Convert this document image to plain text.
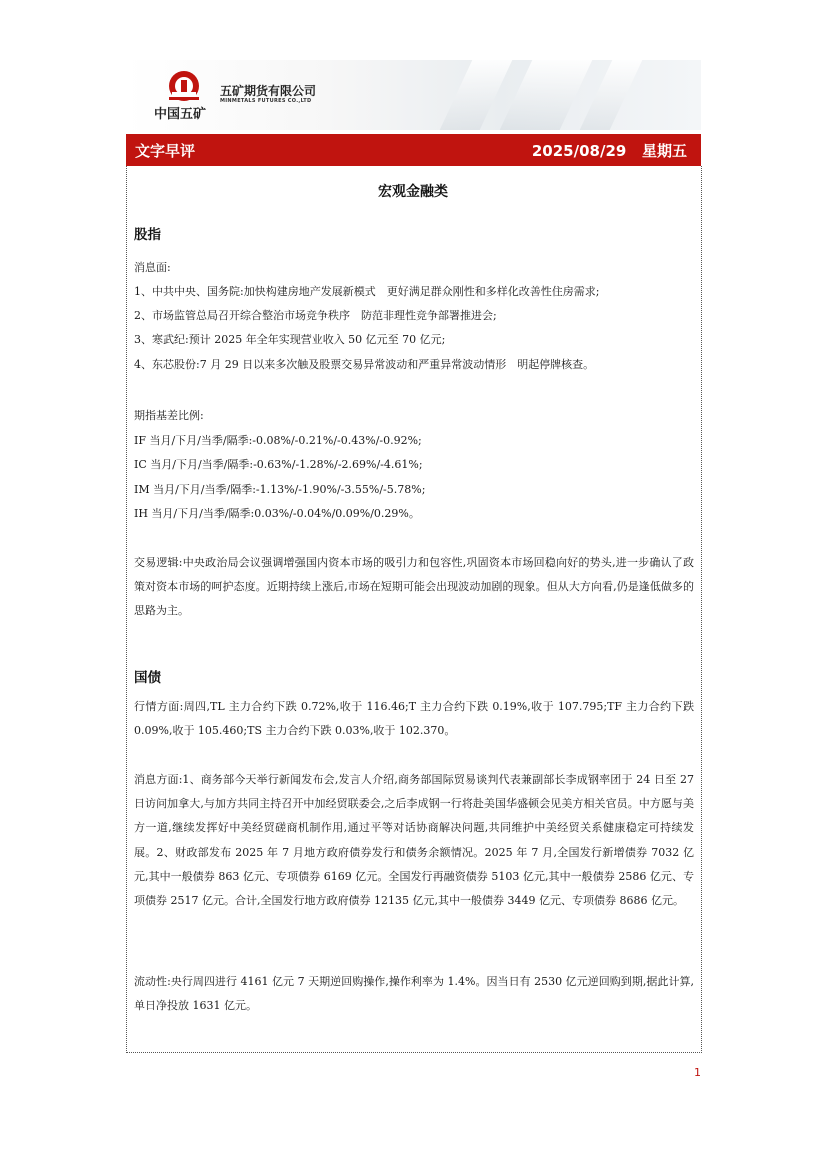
中国五矿
五矿期货有限公司
MINMETALS FUTURES CO.,LTD
文字早评	2025/08/29 星期五
宏观金融类
股指
消息面:
1、中共中央、国务院:加快构建房地产发展新模式　更好满足群众刚性和多样化改善性住房需求;
2、市场监管总局召开综合整治市场竞争秩序　防范非理性竞争部署推进会;
3、寒武纪:预计 2025 年全年实现营业收入 50 亿元至 70 亿元;
4、东芯股份:7 月 29 日以来多次触及股票交易异常波动和严重异常波动情形　明起停牌核查。
期指基差比例:
IF 当月/下月/当季/隔季:-0.08%/-0.21%/-0.43%/-0.92%;
IC 当月/下月/当季/隔季:-0.63%/-1.28%/-2.69%/-4.61%;
IM 当月/下月/当季/隔季:-1.13%/-1.90%/-3.55%/-5.78%;
IH 当月/下月/当季/隔季:0.03%/-0.04%/0.09%/0.29%。
交易逻辑:中央政治局会议强调增强国内资本市场的吸引力和包容性,巩固资本市场回稳向好的势头,进一步确认了政策对资本市场的呵护态度。近期持续上涨后,市场在短期可能会出现波动加剧的现象。但从大方向看,仍是逢低做多的思路为主。
国债
行情方面:周四,TL 主力合约下跌 0.72%,收于 116.46;T 主力合约下跌 0.19%,收于 107.795;TF 主力合约下跌 0.09%,收于 105.460;TS 主力合约下跌 0.03%,收于 102.370。
消息方面:1、商务部今天举行新闻发布会,发言人介绍,商务部国际贸易谈判代表兼副部长李成钢率团于 24 日至 27 日访问加拿大,与加方共同主持召开中加经贸联委会,之后李成钢一行将赴美国华盛顿会见美方相关官员。中方愿与美方一道,继续发挥好中美经贸磋商机制作用,通过平等对话协商解决问题,共同维护中美经贸关系健康稳定可持续发展。2、财政部发布 2025 年 7 月地方政府债券发行和债务余额情况。2025 年 7 月,全国发行新增债券 7032 亿元,其中一般债券 863 亿元、专项债券 6169 亿元。全国发行再融资债券 5103 亿元,其中一般债券 2586 亿元、专项债券 2517 亿元。合计,全国发行地方政府债券 12135 亿元,其中一般债券 3449 亿元、专项债券 8686 亿元。
流动性:央行周四进行 4161 亿元 7 天期逆回购操作,操作利率为 1.4%。因当日有 2530 亿元逆回购到期,据此计算,单日净投放 1631 亿元。
1
